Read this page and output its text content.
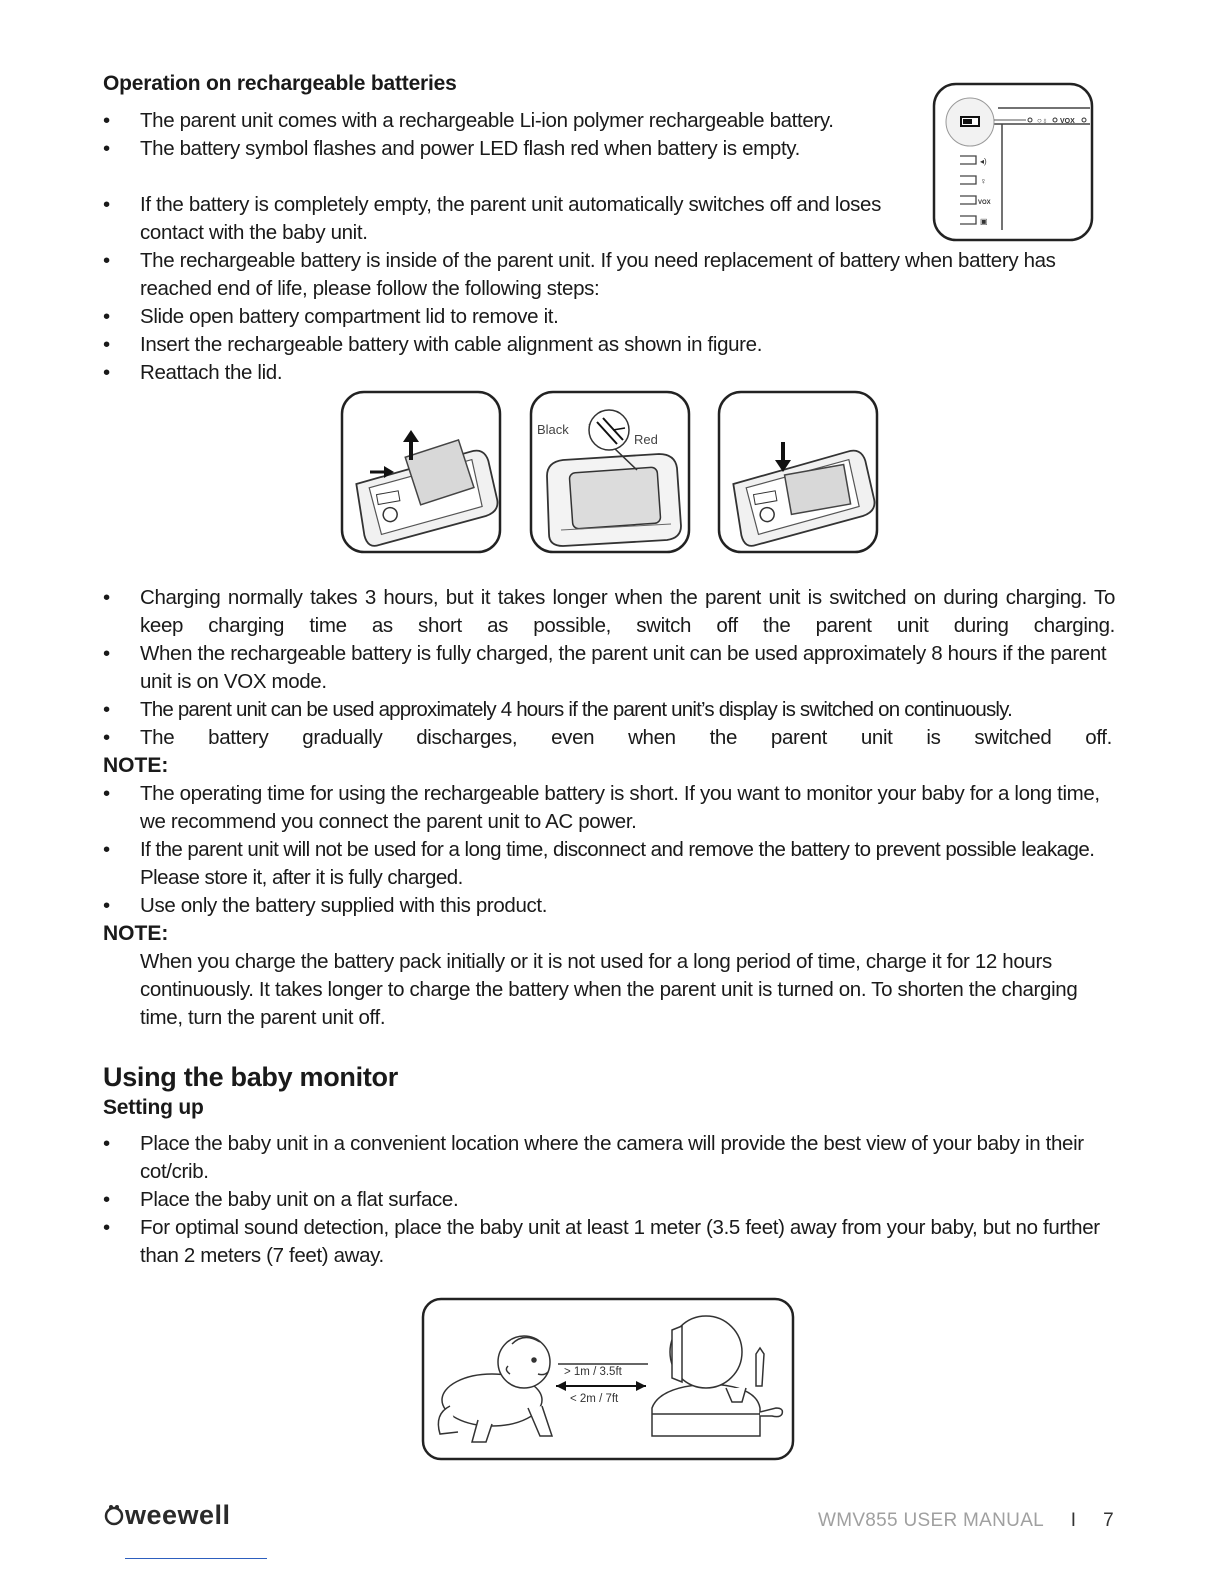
Operation on rechargeable batteries
• The parent unit comes with a rechargeable Li-ion polymer rechargeable battery.
• The battery symbol flashes and power LED flash red when battery is empty.
• If the battery is completely empty, the parent unit automatically switches off and loses contact with the baby unit.
• The rechargeable battery is inside of the parent unit. If you need replacement of battery when battery has reached end of life, please follow the following steps:
• Slide open battery compartment lid to remove it.
• Insert the rechargeable battery with cable alignment as shown in figure.
• Reattach the lid.
○♁ VOX
◂)
♀
VOX
▣
Black
Red
• Charging normally takes 3 hours, but it takes longer when the parent unit is switched on during charging. To keep charging time as short as possible, switch off the parent unit during charging.
• When the rechargeable battery is fully charged, the parent unit can be used approximately 8 hours if the parent unit is on VOX mode.
• The parent unit can be used approximately 4 hours if the parent unit’s display is switched on continuously.
• The battery gradually discharges, even when the parent unit is switched off.
NOTE:
• The operating time for using the rechargeable battery is short. If you want to monitor your baby for a long time, we recommend you connect the parent unit to AC power.
• If the parent unit will not be used for a long time, disconnect and remove the battery to prevent possible leakage. Please store it, after it is fully charged.
• Use only the battery supplied with this product.
NOTE:
When you charge the battery pack initially or it is not used for a long period of time, charge it for 12 hours continuously. It takes longer to charge the battery when the parent unit is turned on. To shorten the charging time, turn the parent unit off.
Using the baby monitor
Setting up
• Place the baby unit in a convenient location where the camera will provide the best view of your baby in their cot/crib.
• Place the baby unit on a flat surface.
• For optimal sound detection, place the baby unit at least 1 meter (3.5 feet) away from your baby, but no further than 2 meters (7 feet) away.
> 1m / 3.5ft
< 2m / 7ft
weewell	WMV855 USER MANUAL I 7
